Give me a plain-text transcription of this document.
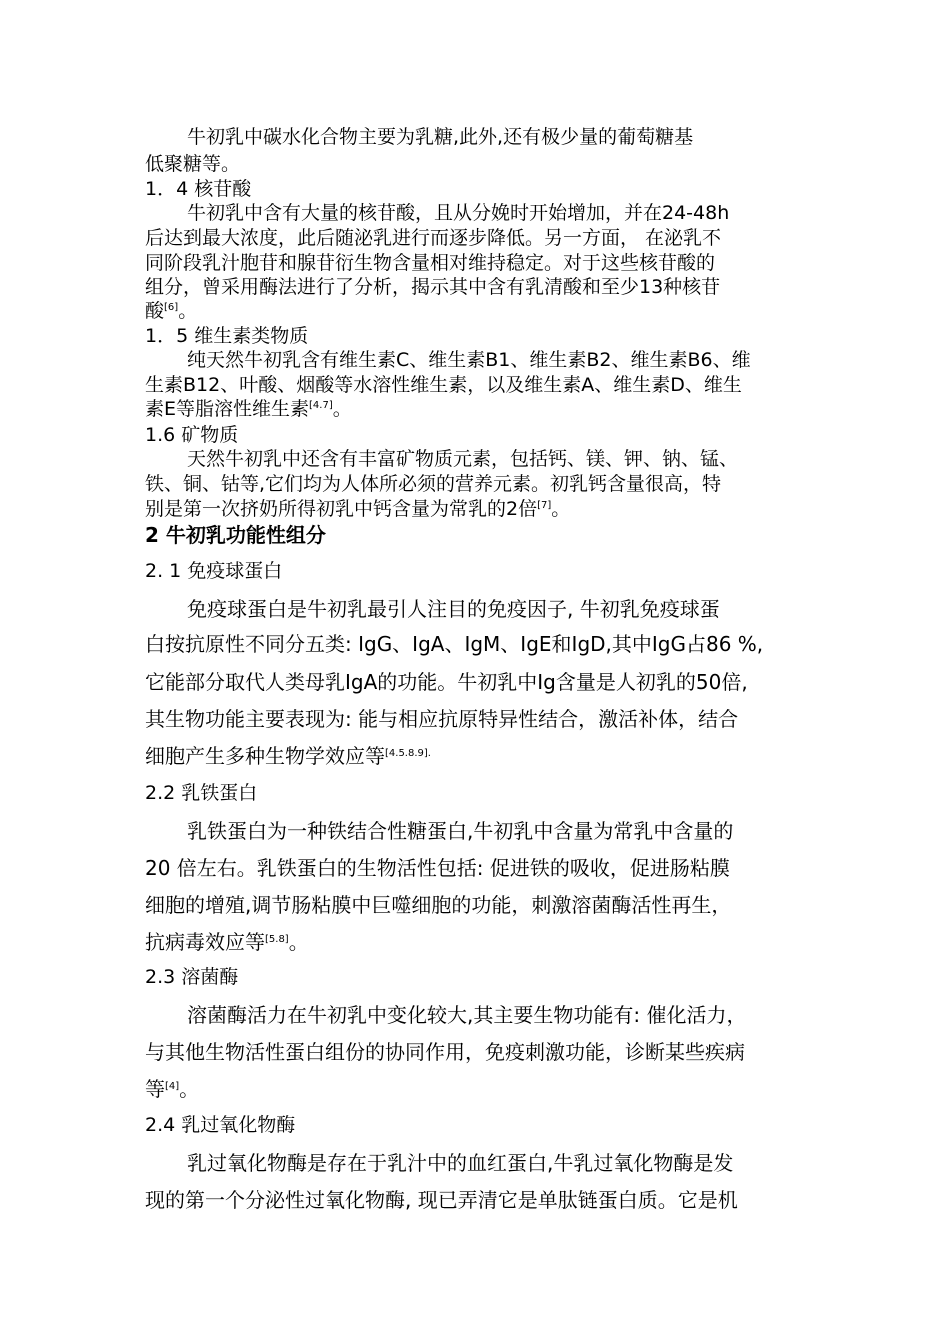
牛初乳中碳水化合物主要为乳糖,此外,还有极少量的葡萄糖基
低聚糖等。
1．4 核苷酸
牛初乳中含有大量的核苷酸，且从分娩时开始增加，并在24-48h
后达到最大浓度，此后随泌乳进行而逐步降低。另一方面， 在泌乳不
同阶段乳汁胞苷和腺苷衍生物含量相对维持稳定。对于这些核苷酸的
组分，曾采用酶法进行了分析，揭示其中含有乳清酸和至少13种核苷
酸[6]。
1．5 维生素类物质
纯天然牛初乳含有维生素C、维生素B1、维生素B2、维生素B6、维
生素B12、叶酸、烟酸等水溶性维生素，以及维生素A、维生素D、维生
素E等脂溶性维生素[4.7]。
1.6 矿物质
天然牛初乳中还含有丰富矿物质元素，包括钙、镁、钾、钠、锰、
铁、铜、钴等,它们均为人体所必须的营养元素。初乳钙含量很高，特
别是第一次挤奶所得初乳中钙含量为常乳的2倍[7]。
2 牛初乳功能性组分
2. 1 免疫球蛋白
免疫球蛋白是牛初乳最引人注目的免疫因子, 牛初乳免疫球蛋
白按抗原性不同分五类: IgG、IgA、IgM、IgE和IgD,其中IgG占86 %,
它能部分取代人类母乳IgA的功能。牛初乳中Ig含量是人初乳的50倍,
其生物功能主要表现为: 能与相应抗原特异性结合，激活补体，结合
细胞产生多种生物学效应等$^{[4.5.8.9].}$
2.2 乳铁蛋白
乳铁蛋白为一种铁结合性糖蛋白,牛初乳中含量为常乳中含量的
20 倍左右。乳铁蛋白的生物活性包括: 促进铁的吸收，促进肠粘膜
细胞的增殖,调节肠粘膜中巨噬细胞的功能，刺激溶菌酶活性再生，
抗病毒效应等[5.8]。
2.3 溶菌酶
溶菌酶活力在牛初乳中变化较大,其主要生物功能有: 催化活力，
与其他生物活性蛋白组份的协同作用，免疫刺激功能，诊断某些疾病
等[4]。
2.4 乳过氧化物酶
乳过氧化物酶是存在于乳汁中的血红蛋白,牛乳过氧化物酶是发
现的第一个分泌性过氧化物酶, 现已弄清它是单肽链蛋白质。它是机
